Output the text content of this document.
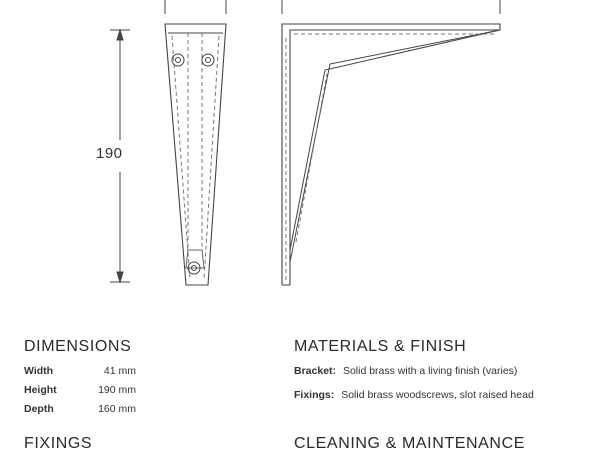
190
DIMENSIONS
Width	41 mm
Height	190 mm
Depth	160 mm
MATERIALS & FINISH
Bracket: Solid brass with a living finish (varies)
Fixings: Solid brass woodscrews, slot raised head
FIXINGS	CLEANING & MAINTENANCE
